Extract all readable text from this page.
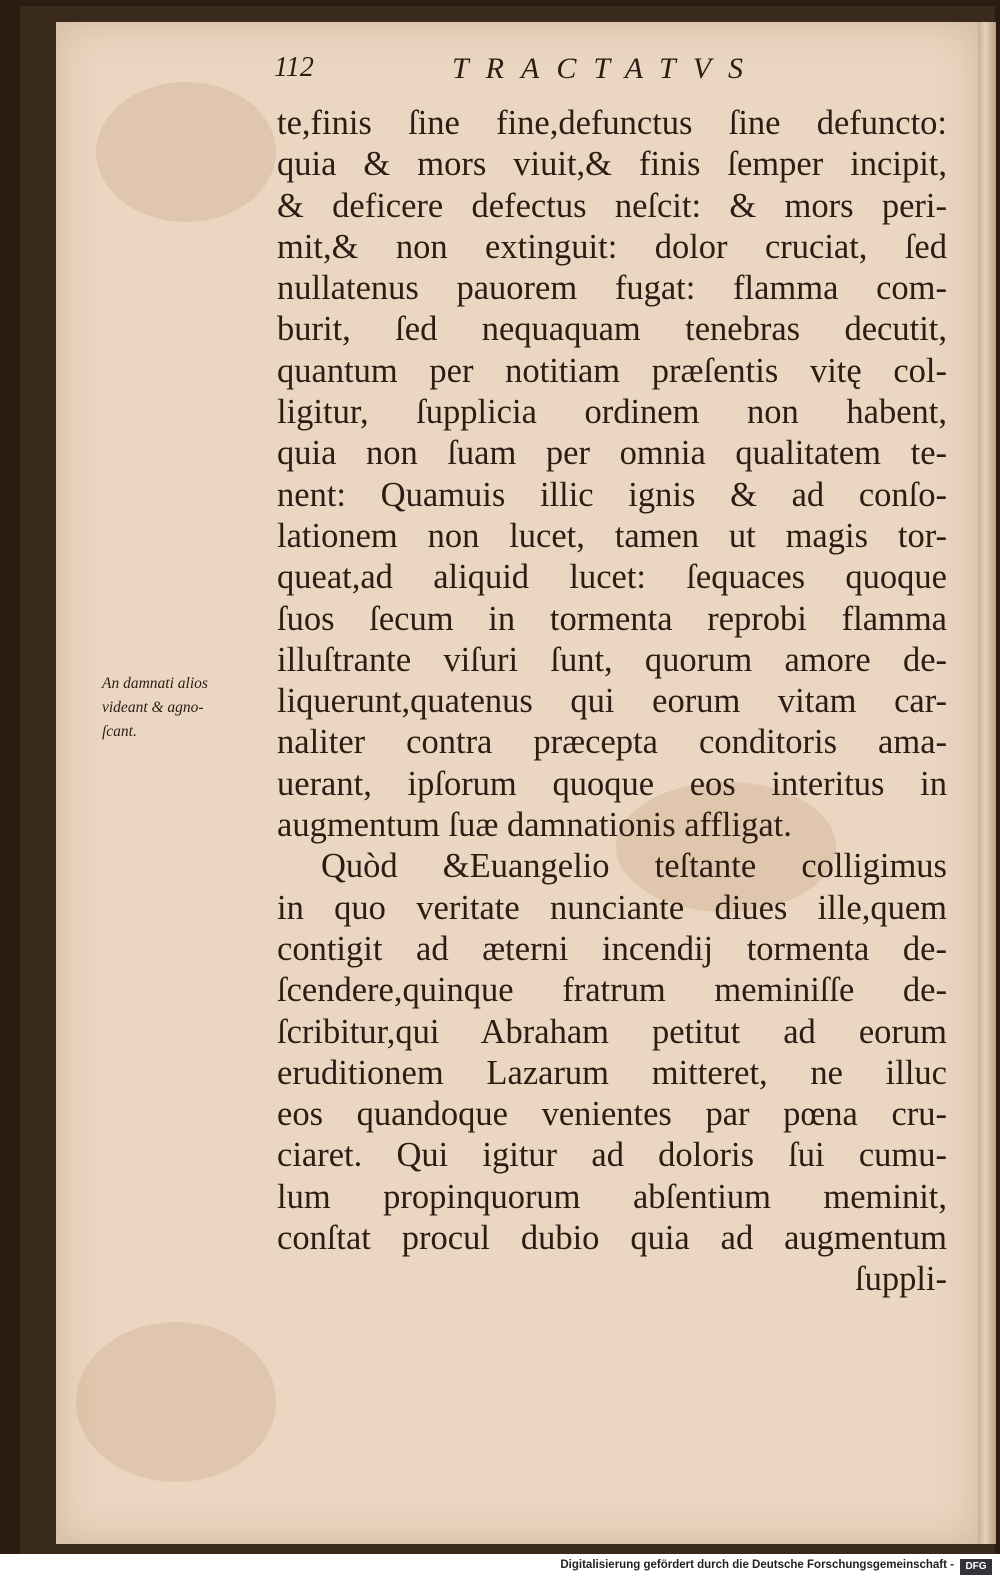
112	TRACTATVS
An damnati alios
videant & agno-
ſcant.
te,finis ſine fine,defunctus ſine defuncto:
quia & mors viuit,& finis ſemper incipit,
& deficere defectus neſcit: & mors peri-
mit,& non extinguit: dolor cruciat, ſed
nullatenus pauorem fugat: flamma com-
burit, ſed nequaquam tenebras decutit,
quantum per notitiam præſentis vitę col-
ligitur, ſupplicia ordinem non habent,
quia non ſuam per omnia qualitatem te-
nent: Quamuis illic ignis & ad conſo-
lationem non lucet, tamen ut magis tor-
queat,ad aliquid lucet: ſequaces quoque
ſuos ſecum in tormenta reprobi flamma
illuſtrante viſuri ſunt, quorum amore de-
liquerunt,quatenus qui eorum vitam car-
naliter contra præcepta conditoris ama-
uerant, ipſorum quoque eos interitus in
augmentum ſuæ damnationis affligat.
Quòd &Euangelio teſtante colligimus
in quo veritate nunciante diues ille,quem
contigit ad æterni incendij tormenta de-
ſcendere,quinque fratrum meminiſſe de-
ſcribitur,qui Abraham petitut ad eorum
eruditionem Lazarum mitteret, ne illuc
eos quandoque venientes par pœna cru-
ciaret. Qui igitur ad doloris ſui cumu-
lum propinquorum abſentium meminit,
conſtat procul dubio quia ad augmentum
ſuppli-
Digitalisierung gefördert durch die Deutsche Forschungsgemeinschaft -	DFG
